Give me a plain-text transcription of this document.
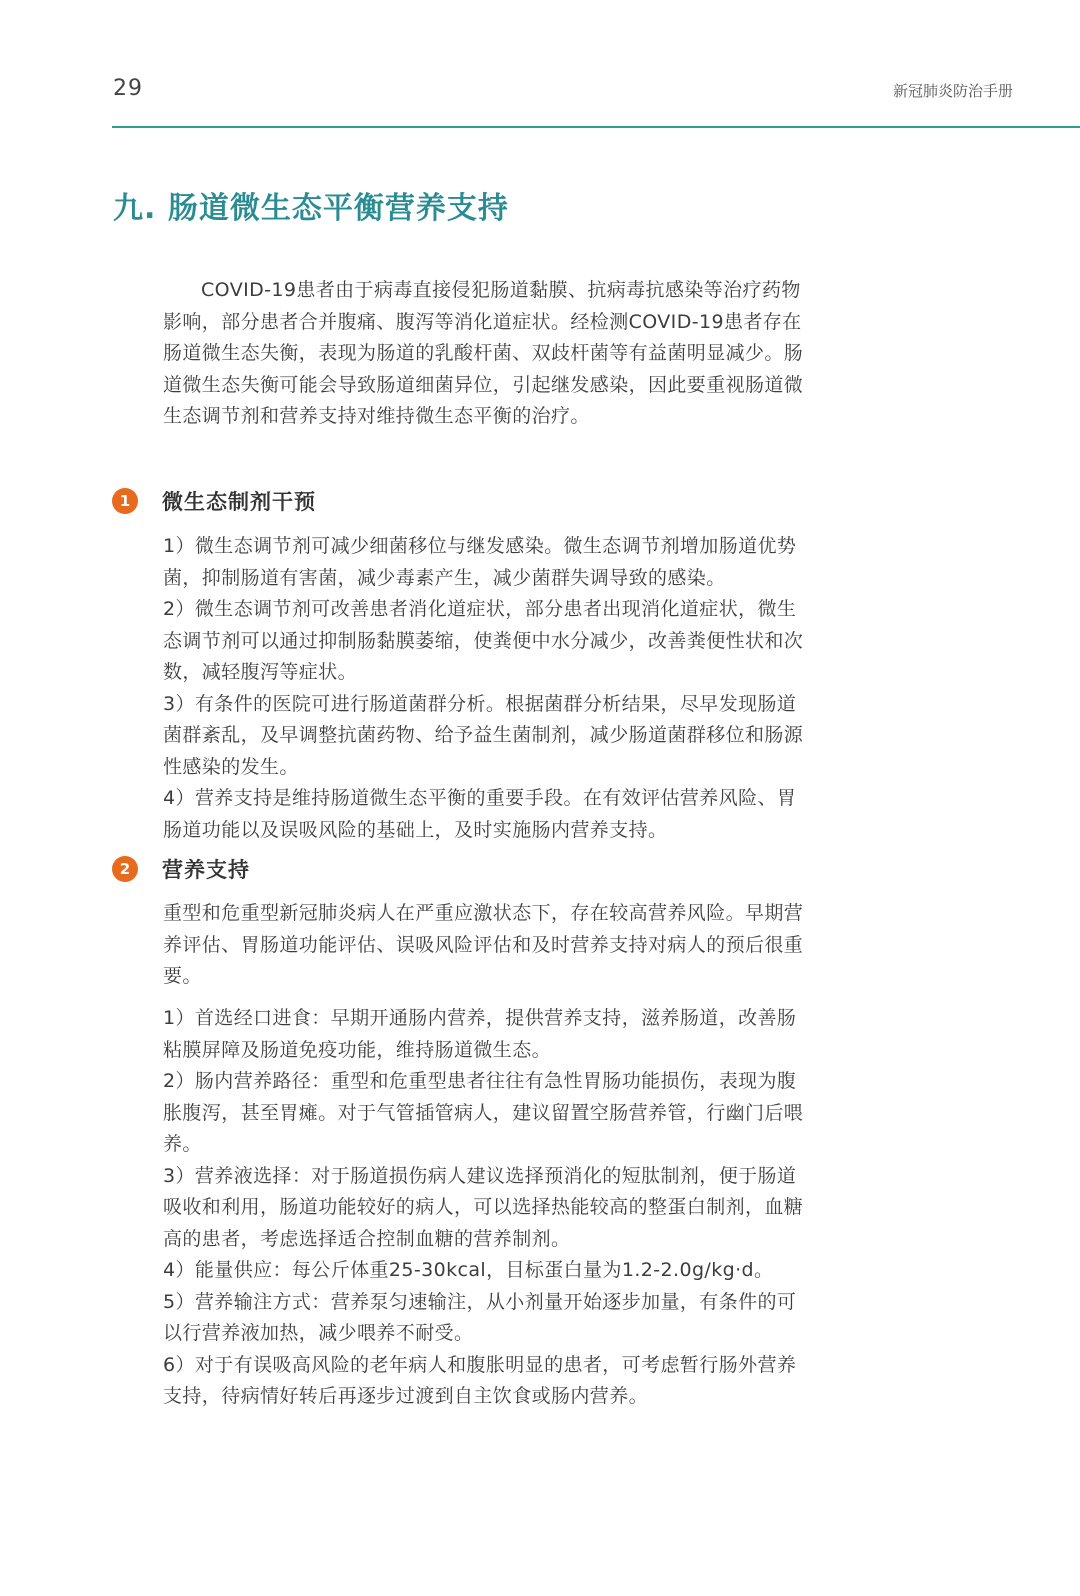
29	新冠肺炎防治手册
九. 肠道微生态平衡营养支持

COVID-19患者由于病毒直接侵犯肠道黏膜、抗病毒抗感染等治疗药物影响，部分患者合并腹痛、腹泻等消化道症状。经检测COVID-19患者存在肠道微生态失衡，表现为肠道的乳酸杆菌、双歧杆菌等有益菌明显减少。肠道微生态失衡可能会导致肠道细菌异位，引起继发感染，因此要重视肠道微生态调节剂和营养支持对维持微生态平衡的治疗。

1	微生态制剂干预

1）微生态调节剂可减少细菌移位与继发感染。微生态调节剂增加肠道优势菌，抑制肠道有害菌，减少毒素产生，减少菌群失调导致的感染。

2）微生态调节剂可改善患者消化道症状，部分患者出现消化道症状，微生态调节剂可以通过抑制肠黏膜萎缩，使粪便中水分减少，改善粪便性状和次数，减轻腹泻等症状。

3）有条件的医院可进行肠道菌群分析。根据菌群分析结果，尽早发现肠道菌群紊乱，及早调整抗菌药物、给予益生菌制剂，减少肠道菌群移位和肠源性感染的发生。

4）营养支持是维持肠道微生态平衡的重要手段。在有效评估营养风险、胃肠道功能以及误吸风险的基础上，及时实施肠内营养支持。

2	营养支持

重型和危重型新冠肺炎病人在严重应激状态下，存在较高营养风险。早期营养评估、胃肠道功能评估、误吸风险评估和及时营养支持对病人的预后很重要。

1）首选经口进食：早期开通肠内营养，提供营养支持，滋养肠道，改善肠粘膜屏障及肠道免疫功能，维持肠道微生态。

2）肠内营养路径：重型和危重型患者往往有急性胃肠功能损伤，表现为腹胀腹泻，甚至胃瘫。对于气管插管病人，建议留置空肠营养管，行幽门后喂养。

3）营养液选择：对于肠道损伤病人建议选择预消化的短肽制剂，便于肠道吸收和利用，肠道功能较好的病人，可以选择热能较高的整蛋白制剂，血糖高的患者，考虑选择适合控制血糖的营养制剂。

4）能量供应：每公斤体重25-30kcal，目标蛋白量为1.2-2.0g/kg·d。

5）营养输注方式：营养泵匀速输注，从小剂量开始逐步加量，有条件的可以行营养液加热，减少喂养不耐受。

6）对于有误吸高风险的老年病人和腹胀明显的患者，可考虑暂行肠外营养支持，待病情好转后再逐步过渡到自主饮食或肠内营养。
